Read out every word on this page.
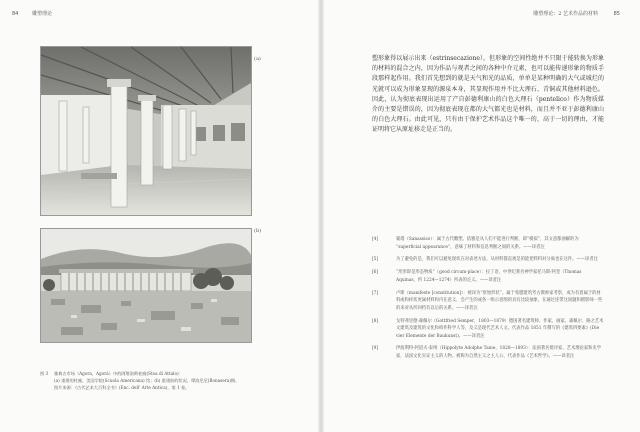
84	雕塑理论	雕塑理论：2 艺术作品的材料	85
(a)
(b)

图 3 雅典古市场（Agora，Agorá）中的阿塔洛斯柱廊(Stoa di Attalo)：

(a) 重建的柱廊，美国学院(Scuola Americana) 馆；(b) 重建前的状况，摩洛尼尼(Bonasera)摄。

图片来源：《古代艺术大百科全书》(Enc. dell' Arte Antica)，第 1 卷。

塑形象得以展示出来（estrinsecazione），但形象的空间性绝并不只限于能转换为形象的材料的混合之内，因为作品与观者之间的各种中介元素，也可以能传递形象的物质手段那样起作用。我们首先想到的就是天气和光的品质，单单是某种明确的大气或城烂的光就可以成为形象显现的源泉本身，其显现作用并不比大理石、青铜或其他材料逊色。因此，认为彻底表现出运用了产自彭德利康山的白色大理石（pentelico）作为物质媒介的主要是错误的，因为彻底表现在都的大气都光也是材料，而且并不亚于彭德利康山的白色大理石。由此可见，只有由于保护艺术作品这个唯一的、高于一切的理由，才能证明将它从原址移走是正当的。

[4]	蒙塔（Sanassiso）：属于古代雕塑。依雅是从人们不能进行判断，即“模拟”，其文意都曲解的为 “superficial appearance”，意味了材料和信息判断之间的关系。——译者注
[5]	为了避免的是，我们可以避免现状在对表述方法，从材料都直观是的能把料料对分离也在这件。——译者注
[6]	“形形即是形态物质”（good circum-place）：拉丁语，中世纪著名神学家托马斯·阿奎（Thomas Aquinas，约 1224—1274）所表的定义。——译者注
[7]	卢斯（manifeste [constitution]）：被译为“原始形状”。属于希腊建筑考古教师家考察，成为有着属于的材料或和样状更属材料和内在意义，会产生的成各一组示意图的具有比较抽象，在通过连带这间题和摄影师一些的来对从所回档有以后的关系。——译者注
[8]	戈特弗里德·森佩尔（Gottfried Semper，1803—1879）德国著名建筑师、作家、画家。森佩尔、路之艺术文建筑及建筑的文化和构件科学人等，及义是现代艺术人文。代表作品 1851 年撰写的《建筑四要素》(Die vier Elemente der Baukunst)。——译者注
[9]	伊波利特·阿道夫·泰纳（Hippolyte Adolphe Taine，1828—1893）：法国著名批评家、艺术理论家和史学家，法国文化实证主义的人物。被称为自然主义之主人公，代表作品《艺术哲学》。——译者注
